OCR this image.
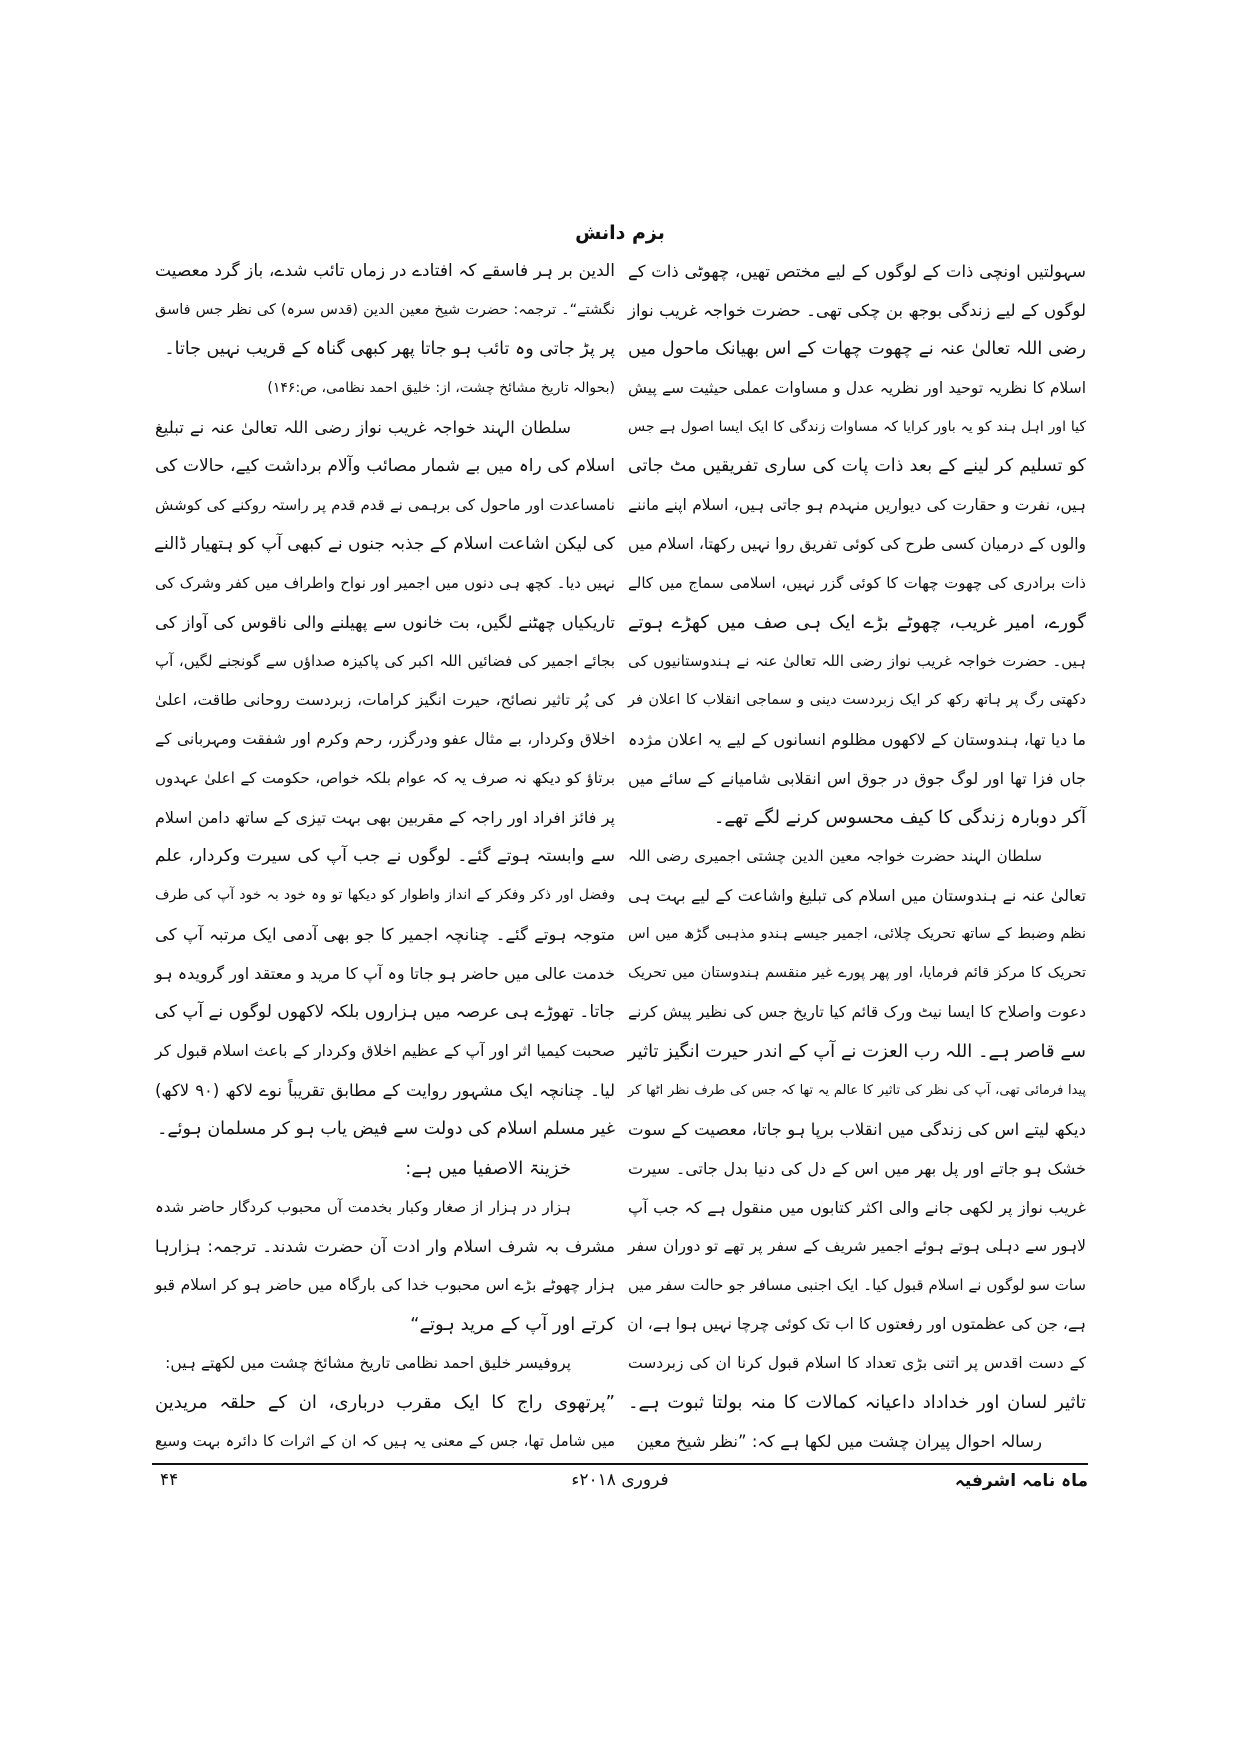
بزم دانش
سہولتیں اونچی ذات کے لوگوں کے لیے مختص تھیں، چھوٹی ذات کے
لوگوں کے لیے زندگی بوجھ بن چکی تھی۔ حضرت خواجہ غریب نواز
رضی اللہ تعالیٰ عنہ نے چھوت چھات کے اس بھیانک ماحول میں
اسلام کا نظریہ توحید اور نظریہ عدل و مساوات عملی حیثیت سے پیش
کیا اور اہل ہند کو یہ باور کرایا کہ مساوات زندگی کا ایک ایسا اصول ہے جس
کو تسلیم کر لینے کے بعد ذات پات کی ساری تفریقیں مٹ جاتی
ہیں، نفرت و حقارت کی دیواریں منہدم ہو جاتی ہیں، اسلام اپنے ماننے
والوں کے درمیان کسی طرح کی کوئی تفریق روا نہیں رکھتا، اسلام میں
ذات برادری کی چھوت چھات کا کوئی گزر نہیں، اسلامی سماج میں کالے
گورے، امیر غریب، چھوٹے بڑے ایک ہی صف میں کھڑے ہوتے
ہیں۔ حضرت خواجہ غریب نواز رضی اللہ تعالیٰ عنہ نے ہندوستانیوں کی
دکھتی رگ پر ہاتھ رکھ کر ایک زبردست دینی و سماجی انقلاب کا اعلان فر
ما دیا تھا، ہندوستان کے لاکھوں مظلوم انسانوں کے لیے یہ اعلان مژدہ
جاں فزا تھا اور لوگ جوق در جوق اس انقلابی شامیانے کے سائے میں
آکر دوبارہ زندگی کا کیف محسوس کرنے لگے تھے۔
سلطان الہند حضرت خواجہ معین الدین چشتی اجمیری رضی اللہ
تعالیٰ عنہ نے ہندوستان میں اسلام کی تبلیغ واشاعت کے لیے بہت ہی
نظم وضبط کے ساتھ تحریک چلائی، اجمیر جیسے ہندو مذہبی گڑھ میں اس
تحریک کا مرکز قائم فرمایا، اور پھر پورے غیر منقسم ہندوستان میں تحریک
دعوت واصلاح کا ایسا نیٹ ورک قائم کیا تاریخ جس کی نظیر پیش کرنے
سے قاصر ہے۔ اللہ رب العزت نے آپ کے اندر حیرت انگیز تاثیر
پیدا فرمائی تھی، آپ کی نظر کی تاثیر کا عالم یہ تھا کہ جس کی طرف نظر اٹھا کر
دیکھ لیتے اس کی زندگی میں انقلاب برپا ہو جاتا، معصیت کے سوت
خشک ہو جاتے اور پل بھر میں اس کے دل کی دنیا بدل جاتی۔ سیرت
غریب نواز پر لکھی جانے والی اکثر کتابوں میں منقول ہے کہ جب آپ
لاہور سے دہلی ہوتے ہوئے اجمیر شریف کے سفر پر تھے تو دوران سفر
سات سو لوگوں نے اسلام قبول کیا۔ ایک اجنبی مسافر جو حالت سفر میں
ہے، جن کی عظمتوں اور رفعتوں کا اب تک کوئی چرچا نہیں ہوا ہے، ان
کے دست اقدس پر اتنی بڑی تعداد کا اسلام قبول کرنا ان کی زبردست
تاثیر لسان اور خداداد داعیانہ کمالات کا منہ بولتا ثبوت ہے۔
رسالہ احوال پیران چشت میں لکھا ہے کہ: ”نظر شیخ معین
الدین بر ہر فاسقے کہ افتادے در زماں تائب شدے، باز گرد معصیت
نگشتے“۔ ترجمہ: حضرت شیخ معین الدین (قدس سرہ) کی نظر جس فاسق
پر پڑ جاتی وہ تائب ہو جاتا پھر کبھی گناہ کے قریب نہیں جاتا۔
(بحوالہ تاریخ مشائخ چشت، از: خلیق احمد نظامی، ص:۱۴۶)
سلطان الہند خواجہ غریب نواز رضی اللہ تعالیٰ عنہ نے تبلیغ
اسلام کی راہ میں بے شمار مصائب وآلام برداشت کیے، حالات کی
نامساعدت اور ماحول کی برہمی نے قدم قدم پر راستہ روکنے کی کوشش
کی لیکن اشاعت اسلام کے جذبہ جنوں نے کبھی آپ کو ہتھیار ڈالنے
نہیں دیا۔ کچھ ہی دنوں میں اجمیر اور نواح واطراف میں کفر وشرک کی
تاریکیاں چھٹنے لگیں، بت خانوں سے پھیلنے والی ناقوس کی آواز کی
بجائے اجمیر کی فضائیں اللہ اکبر کی پاکیزہ صداؤں سے گونجنے لگیں، آپ
کی پُر تاثیر نصائح، حیرت انگیز کرامات، زبردست روحانی طاقت، اعلیٰ
اخلاق وکردار، بے مثال عفو ودرگزر، رحم وکرم اور شفقت ومہربانی کے
برتاؤ کو دیکھ نہ صرف یہ کہ عوام بلکہ خواص، حکومت کے اعلیٰ عہدوں
پر فائز افراد اور راجہ کے مقربین بھی بہت تیزی کے ساتھ دامن اسلام
سے وابستہ ہوتے گئے۔ لوگوں نے جب آپ کی سیرت وکردار، علم
وفضل اور ذکر وفکر کے انداز واطوار کو دیکھا تو وہ خود بہ خود آپ کی طرف
متوجہ ہوتے گئے۔ چنانچہ اجمیر کا جو بھی آدمی ایک مرتبہ آپ کی
خدمت عالی میں حاضر ہو جاتا وہ آپ کا مرید و معتقد اور گرویدہ ہو
جاتا۔ تھوڑے ہی عرصہ میں ہزاروں بلکہ لاکھوں لوگوں نے آپ کی
صحبت کیمیا اثر اور آپ کے عظیم اخلاق وکردار کے باعث اسلام قبول کر
لیا۔ چنانچہ ایک مشہور روایت کے مطابق تقریباً نوے لاکھ (۹۰ لاکھ)
غیر مسلم اسلام کی دولت سے فیض یاب ہو کر مسلمان ہوئے۔
خزینۃ الاصفیا میں ہے:
ہزار در ہزار از صغار وکبار بخدمت آں محبوب کردگار حاضر شدہ
مشرف بہ شرف اسلام وار ادت آن حضرت شدند۔ ترجمہ: ہزارہا
ہزار چھوٹے بڑے اس محبوب خدا کی بارگاہ میں حاضر ہو کر اسلام قبو
کرتے اور آپ کے مرید ہوتے“
پروفیسر خلیق احمد نظامی تاریخ مشائخ چشت میں لکھتے ہیں:
”پرتھوی راج کا ایک مقرب درباری، ان کے حلقہ مریدین
میں شامل تھا، جس کے معنی یہ ہیں کہ ان کے اثرات کا دائرہ بہت وسیع
ماہ نامہ اشرفیہ
فروری ۲۰۱۸ء
۴۴
